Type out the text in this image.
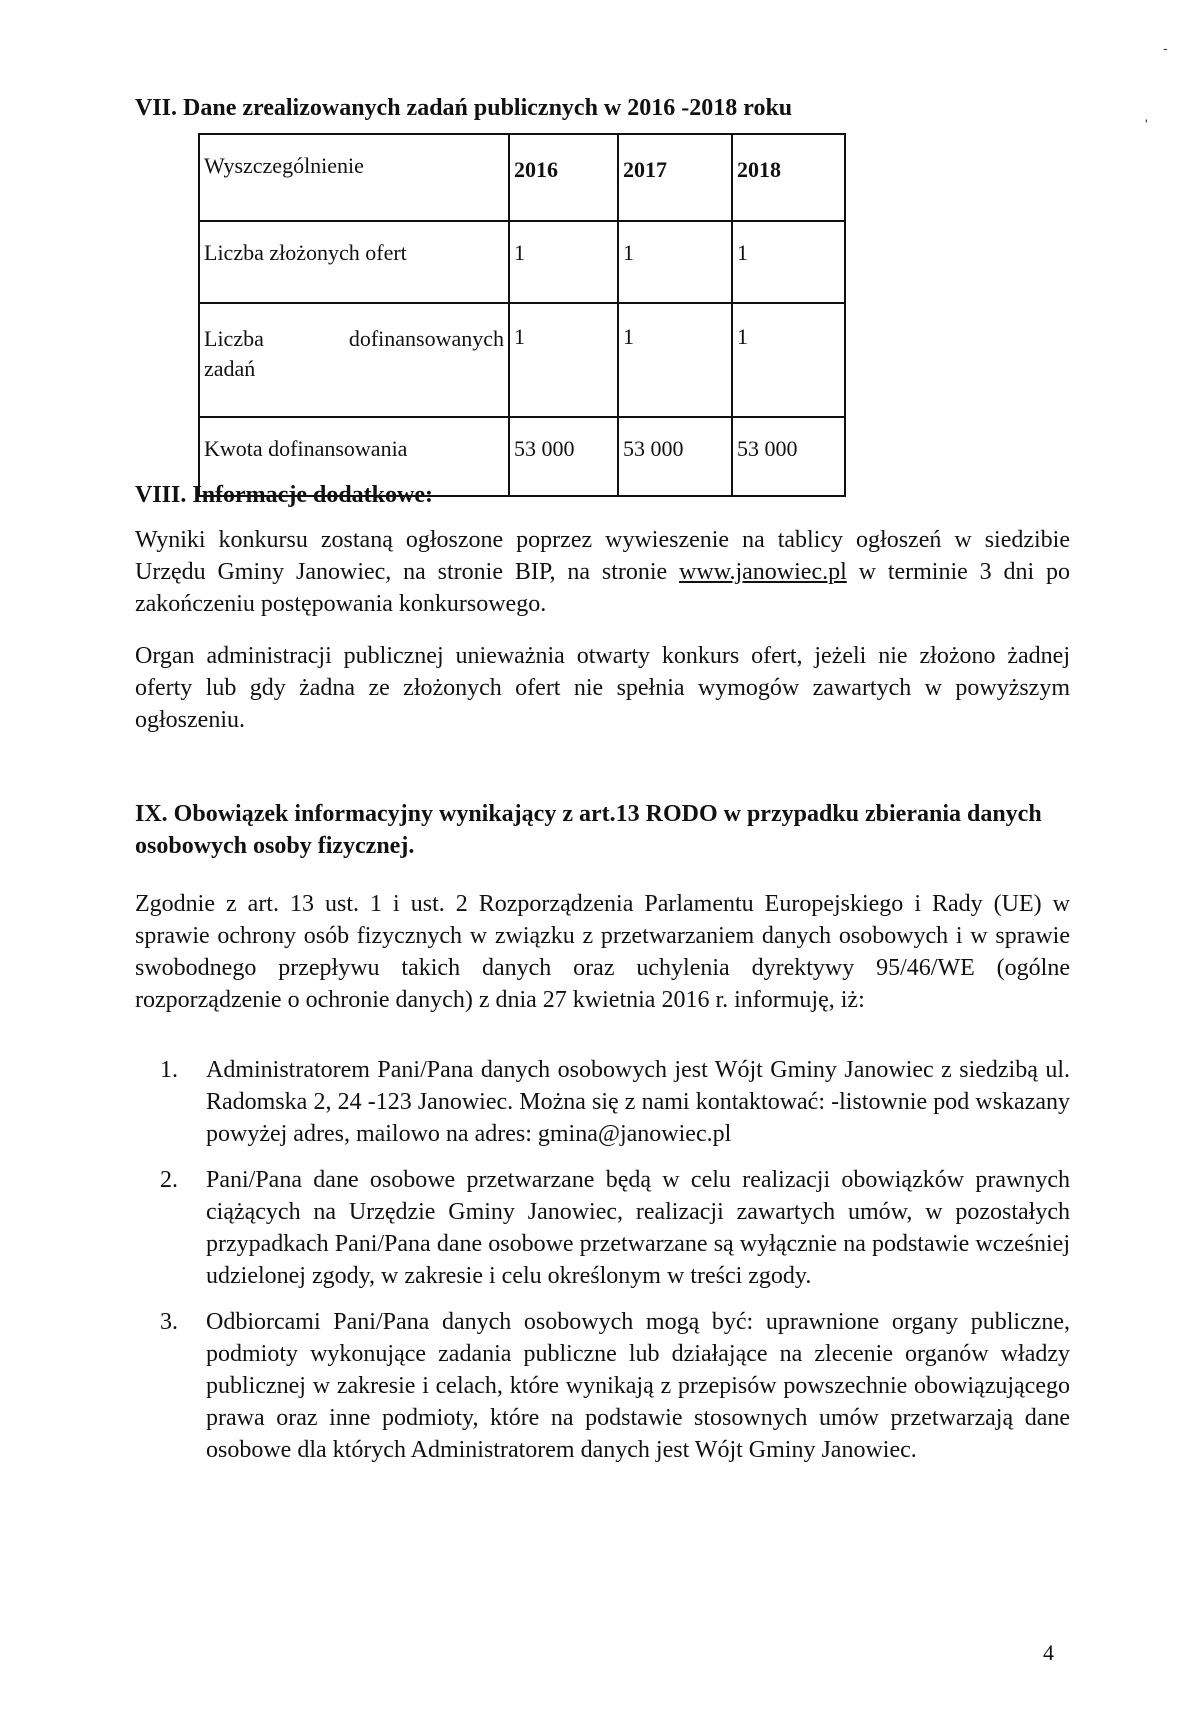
-
'
VII. Dane zrealizowanych zadań publicznych w 2016 -2018 roku
Wyszczególnienie	2016	2017	2018
Liczba złożonych ofert	1	1	1

Liczba dofinansowanych
zadań	1	1	1
Kwota dofinansowania	53 000	53 000	53 000
VIII. Informacje dodatkowe:

Wyniki konkursu zostaną ogłoszone poprzez wywieszenie na tablicy ogłoszeń w siedzibie Urzędu Gminy Janowiec, na stronie BIP, na stronie www.janowiec.pl w terminie 3 dni po zakończeniu postępowania konkursowego.

Organ administracji publicznej unieważnia otwarty konkurs ofert, jeżeli nie złożono żadnej oferty lub gdy żadna ze złożonych ofert nie spełnia wymogów zawartych w powyższym ogłoszeniu.

IX. Obowiązek informacyjny wynikający z art.13 RODO w przypadku zbierania danych osobowych osoby fizycznej.

Zgodnie z art. 13 ust. 1 i ust. 2 Rozporządzenia Parlamentu Europejskiego i Rady (UE) w sprawie ochrony osób fizycznych w związku z przetwarzaniem danych osobowych i w sprawie swobodnego przepływu takich danych oraz uchylenia dyrektywy 95/46/WE (ogólne rozporządzenie o ochronie danych) z dnia 27 kwietnia 2016 r. informuję, iż:

1. Administratorem Pani/Pana danych osobowych jest Wójt Gminy Janowiec z siedzibą ul. Radomska 2, 24 -123 Janowiec. Można się z nami kontaktować: -listownie pod wskazany powyżej adres, mailowo na adres: gmina@janowiec.pl
2. Pani/Pana dane osobowe przetwarzane będą w celu realizacji obowiązków prawnych ciążących na Urzędzie Gminy Janowiec, realizacji zawartych umów, w pozostałych przypadkach Pani/Pana dane osobowe przetwarzane są wyłącznie na podstawie wcześniej udzielonej zgody, w zakresie i celu określonym w treści zgody.
3. Odbiorcami Pani/Pana danych osobowych mogą być: uprawnione organy publiczne, podmioty wykonujące zadania publiczne lub działające na zlecenie organów władzy publicznej w zakresie i celach, które wynikają z przepisów powszechnie obowiązującego prawa oraz inne podmioty, które na podstawie stosownych umów przetwarzają dane osobowe dla których Administratorem danych jest Wójt Gminy Janowiec.
4
